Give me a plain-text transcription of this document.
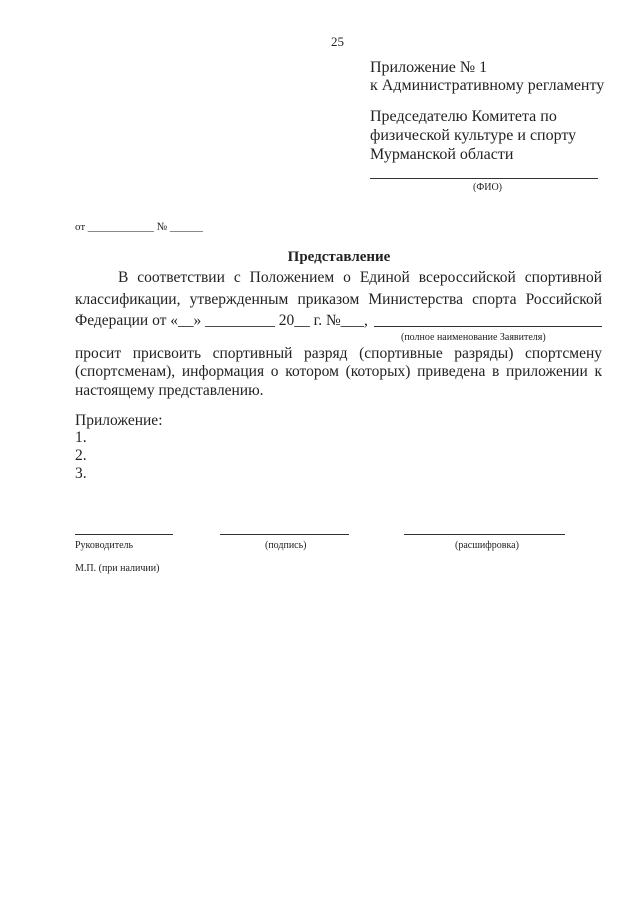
25
Приложение № 1
к Административному регламенту
Председателю Комитета по
физической культуре и спорту
Мурманской области
(ФИО)
от ____________ № ______
Представление
В соответствии с Положением о Единой всероссийской спортивной
классификации, утвержденным приказом Министерства спорта Российской
Федерации от «__» _________ 20__ г. №___,
(полное наименование Заявителя)
просит присвоить спортивный разряд (спортивные разряды) спортсмену
(спортсменам), информация о котором (которых) приведена в приложении к
настоящему представлению.
Приложение:
1.
2.
3.
Руководитель	(подпись)	(расшифровка)
М.П. (при наличии)
